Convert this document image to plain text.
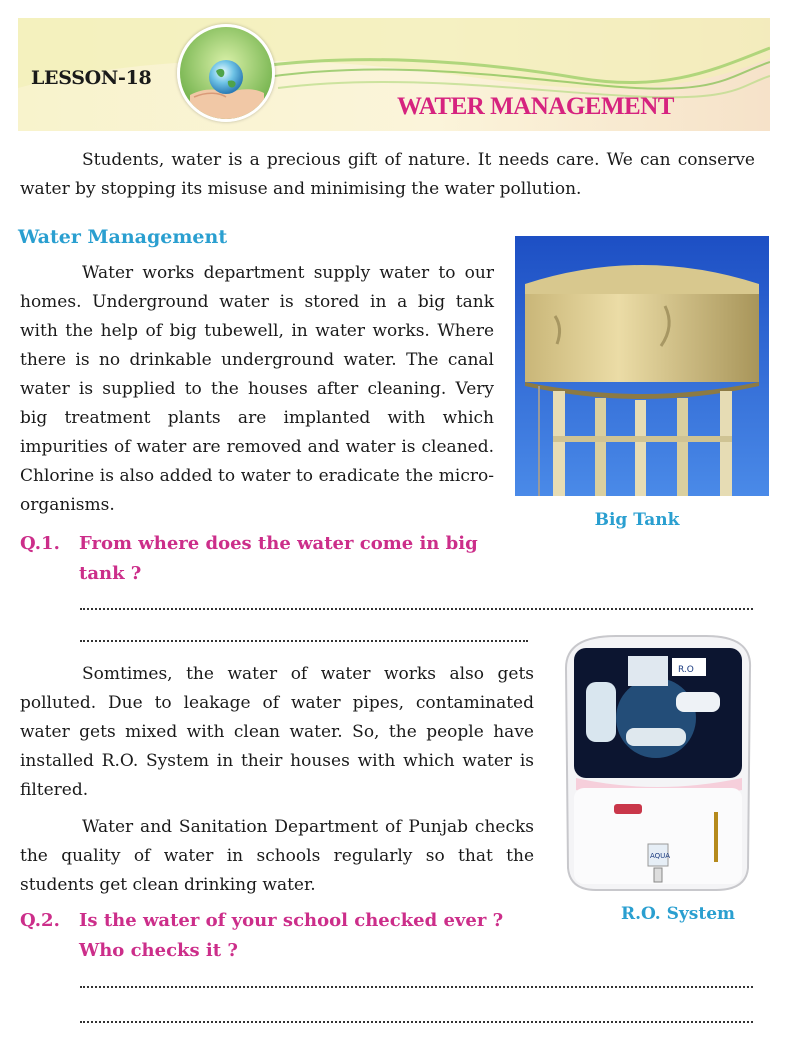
LESSON-18
WATER MANAGEMENT

Students, water is a precious gift of nature. It needs care. We can conserve water by stopping its misuse and minimising the water pollution.

Water Management

Water works department supply water to our homes. Underground water is stored in a big tank with the help of big tubewell, in water works. Where there is no drinkable underground water. The canal water is supplied to the houses after cleaning. Very big treatment plants are implanted with which impurities of water are removed and water is cleaned. Chlorine is also added to water to eradicate the micro-organisms.

Big Tank
Q.1. From where does the water come in big tank ?

Somtimes, the water of water works also gets polluted. Due to leakage of water pipes, contaminated water gets mixed with clean water. So, the people have installed R.O. System in their houses with which water is filtered.

Water and Sanitation Department of Punjab checks the quality of water in schools regularly so that the students get clean drinking water.

R.O
AQUA
R.O. System
Q.2. Is the water of your school checked ever ? Who checks it ?
